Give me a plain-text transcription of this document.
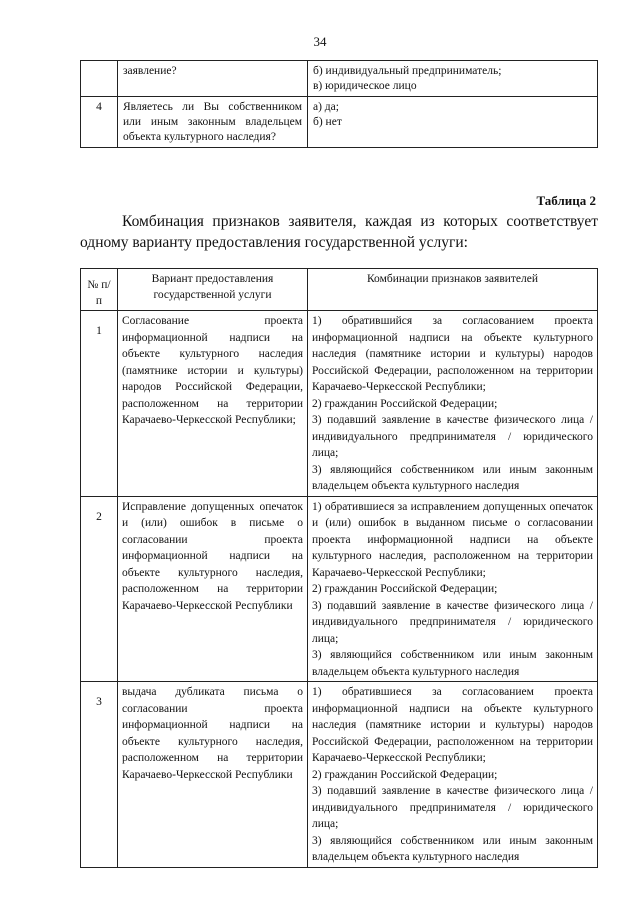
34
	заявление?	б) индивидуальный предприниматель;
в) юридическое лицо

4	Являетесь ли Вы собственником или иным законным владельцем объекта культурного наследия?	а) да;
б) нет
Таблица 2
Комбинация признаков заявителя, каждая из которых соответствует одному варианту предоставления государственной услуги:
№ п/п	Вариант предоставления государственной услуги	Комбинации признаков заявителей
1	Согласование проекта информационной надписи на объекте культурного наследия (памятнике истории и культуры) народов Российской Федерации, расположенном на территории Карачаево-Черкесской Республики;	1) обратившийся за согласованием проекта информационной надписи на объекте культурного наследия (памятнике истории и культуры) народов Российской Федерации, расположенном на территории Карачаево-Черкесской Республики;
2) гражданин Российской Федерации;
3) подавший заявление в качестве физического лица / индивидуального предпринимателя / юридического лица;
3) являющийся собственником или иным законным владельцем объекта культурного наследия

2	Исправление допущенных опечаток и (или) ошибок в письме о согласовании проекта информационной надписи на объекте культурного наследия, расположенном на территории Карачаево-Черкесской Республики	1) обратившиеся за исправлением допущенных опечаток и (или) ошибок в выданном письме о согласовании проекта информационной надписи на объекте культурного наследия, расположенном на территории Карачаево-Черкесской Республики;
2) гражданин Российской Федерации;
3) подавший заявление в качестве физического лица / индивидуального предпринимателя / юридического лица;
3) являющийся собственником или иным законным владельцем объекта культурного наследия

3	выдача дубликата письма о согласовании проекта информационной надписи на объекте культурного наследия, расположенном на территории Карачаево-Черкесской Республики	1) обратившиеся за согласованием проекта информационной надписи на объекте культурного наследия (памятнике истории и культуры) народов Российской Федерации, расположенном на территории Карачаево-Черкесской Республики;
2) гражданин Российской Федерации;
3) подавший заявление в качестве физического лица / индивидуального предпринимателя / юридического лица;
3) являющийся собственником или иным законным владельцем объекта культурного наследия
